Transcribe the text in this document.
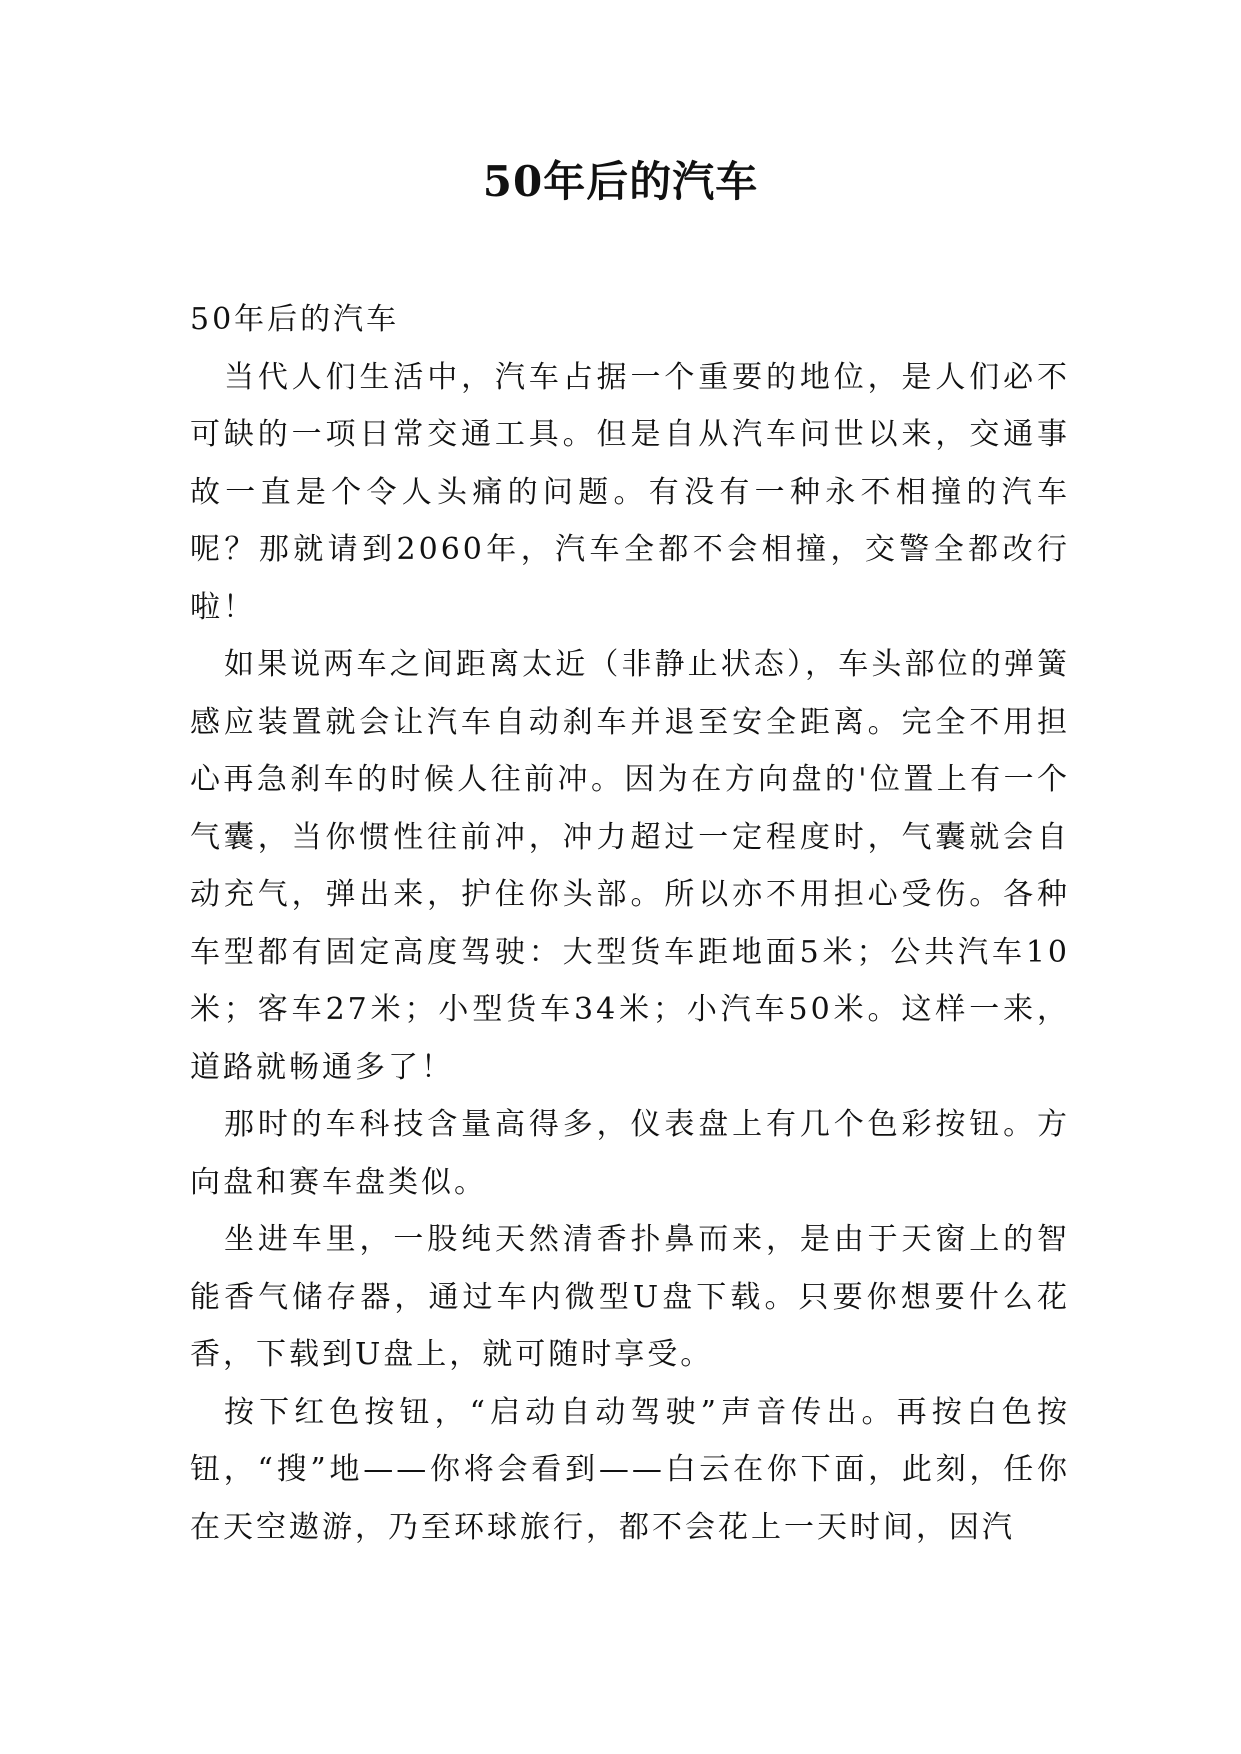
50年后的汽车

50年后的汽车

当代人们生活中，汽车占据一个重要的地位，是人们必不可缺的一项日常交通工具。但是自从汽车问世以来，交通事故一直是个令人头痛的问题。有没有一种永不相撞的汽车呢？那就请到2060年，汽车全都不会相撞，交警全都改行啦！

如果说两车之间距离太近（非静止状态），车头部位的弹簧感应装置就会让汽车自动刹车并退至安全距离。完全不用担心再急刹车的时候人往前冲。因为在方向盘的'位置上有一个气囊，当你惯性往前冲，冲力超过一定程度时，气囊就会自动充气，弹出来，护住你头部。所以亦不用担心受伤。各种车型都有固定高度驾驶：大型货车距地面5米；公共汽车10米；客车27米；小型货车34米；小汽车50米。这样一来，道路就畅通多了！

那时的车科技含量高得多，仪表盘上有几个色彩按钮。方向盘和赛车盘类似。

坐进车里，一股纯天然清香扑鼻而来，是由于天窗上的智能香气储存器，通过车内微型U盘下载。只要你想要什么花香，下载到U盘上，就可随时享受。

按下红色按钮，“启动自动驾驶”声音传出。再按白色按钮，“搜”地——你将会看到——白云在你下面，此刻，任你在天空遨游，乃至环球旅行，都不会花上一天时间，因汽
